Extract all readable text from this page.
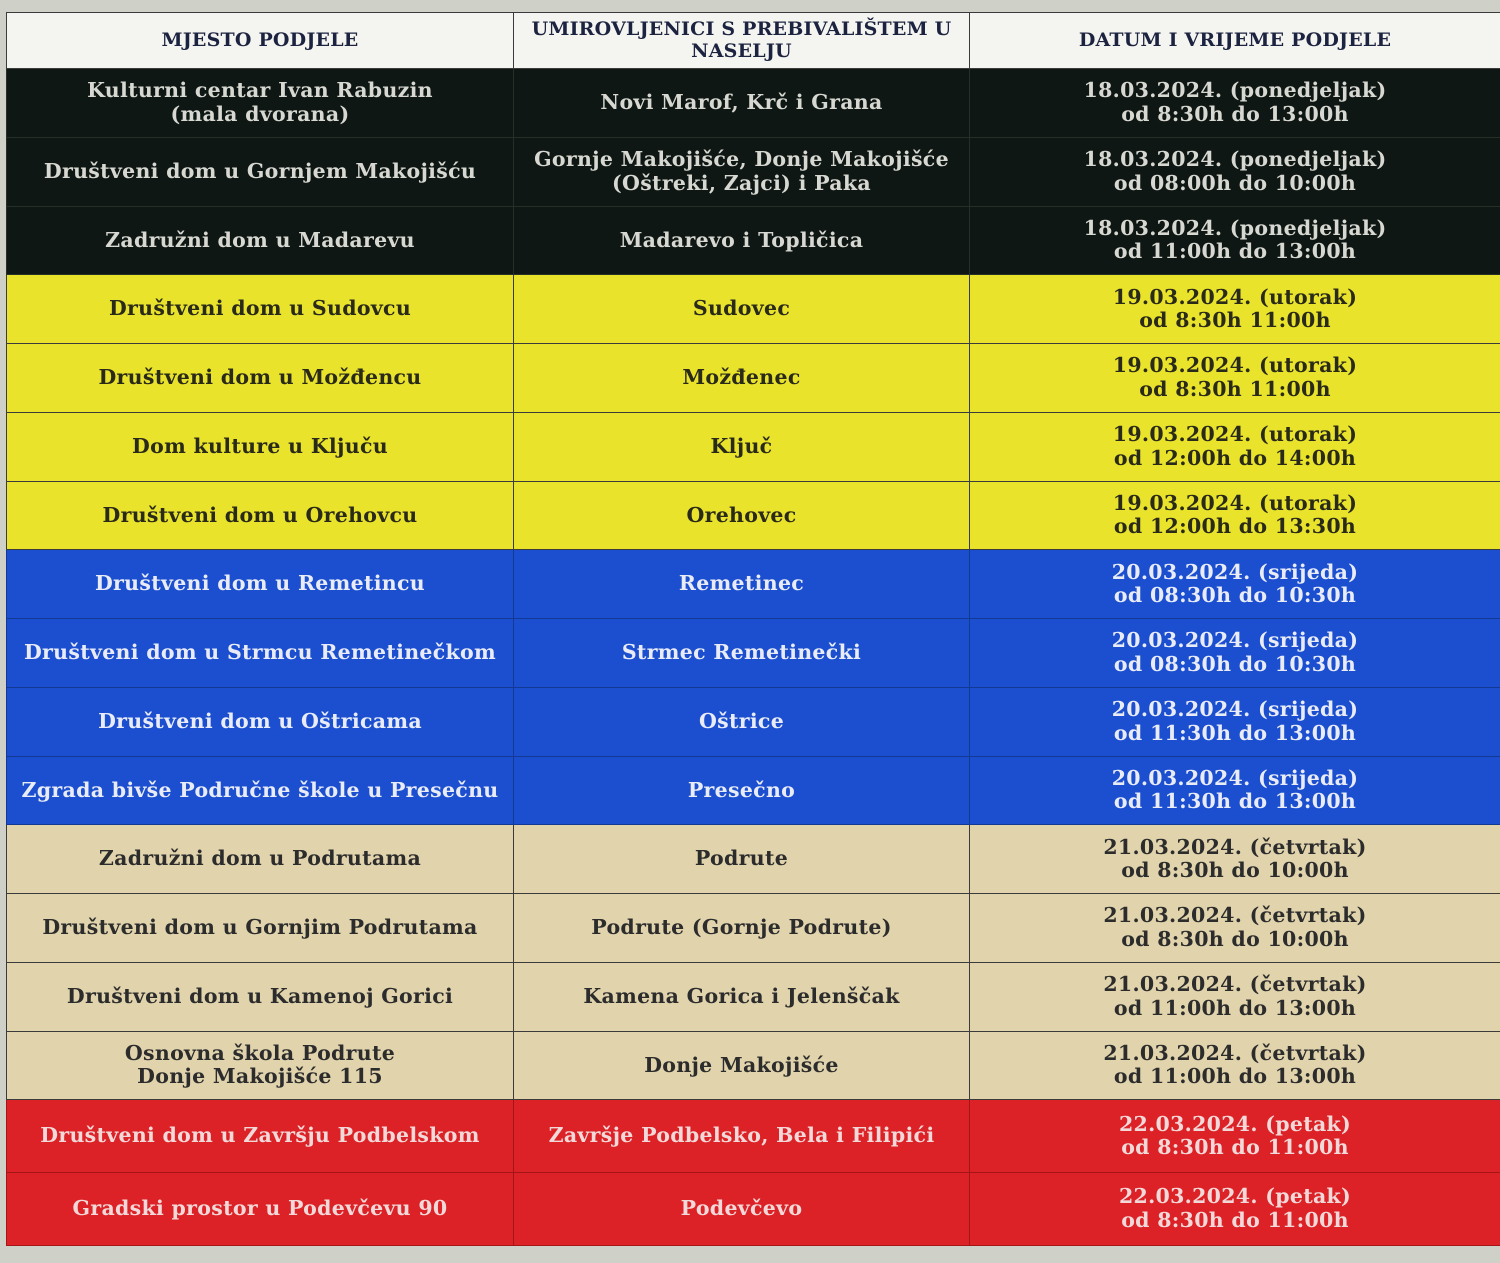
MJESTO PODJELE	UMIROVLJENICI S PREBIVALIŠTEM U
NASELJU	DATUM I VRIJEME PODJELE

Kulturni centar Ivan Rabuzin
(mala dvorana)	Novi Marof, Krč i Grana	18.03.2024. (ponedjeljak)
od 8:30h do 13:00h

Društveni dom u Gornjem Makojišću	Gornje Makojišće, Donje Makojišće
(Oštreki, Zajci) i Paka	18.03.2024. (ponedjeljak)
od 08:00h do 10:00h

Zadružni dom u Madarevu	Madarevo i Topličica	18.03.2024. (ponedjeljak)
od 11:00h do 13:00h

Društveni dom u Sudovcu	Sudovec	19.03.2024. (utorak)
od 8:30h 11:00h

Društveni dom u Možđencu	Možđenec	19.03.2024. (utorak)
od 8:30h 11:00h

Dom kulture u Ključu	Ključ	19.03.2024. (utorak)
od 12:00h do 14:00h

Društveni dom u Orehovcu	Orehovec	19.03.2024. (utorak)
od 12:00h do 13:30h

Društveni dom u Remetincu	Remetinec	20.03.2024. (srijeda)
od 08:30h do 10:30h

Društveni dom u Strmcu Remetinečkom	Strmec Remetinečki	20.03.2024. (srijeda)
od 08:30h do 10:30h

Društveni dom u Oštricama	Oštrice	20.03.2024. (srijeda)
od 11:30h do 13:00h

Zgrada bivše Područne škole u Presečnu	Presečno	20.03.2024. (srijeda)
od 11:30h do 13:00h

Zadružni dom u Podrutama	Podrute	21.03.2024. (četvrtak)
od 8:30h do 10:00h

Društveni dom u Gornjim Podrutama	Podrute (Gornje Podrute)	21.03.2024. (četvrtak)
od 8:30h do 10:00h

Društveni dom u Kamenoj Gorici	Kamena Gorica i Jelenščak	21.03.2024. (četvrtak)
od 11:00h do 13:00h

Osnovna škola Podrute
Donje Makojišće 115	Donje Makojišće	21.03.2024. (četvrtak)
od 11:00h do 13:00h

Društveni dom u Završju Podbelskom	Završje Podbelsko, Bela i Filipići	22.03.2024. (petak)
od 8:30h do 11:00h

Gradski prostor u Podevčevu 90	Podevčevo	22.03.2024. (petak)
od 8:30h do 11:00h
